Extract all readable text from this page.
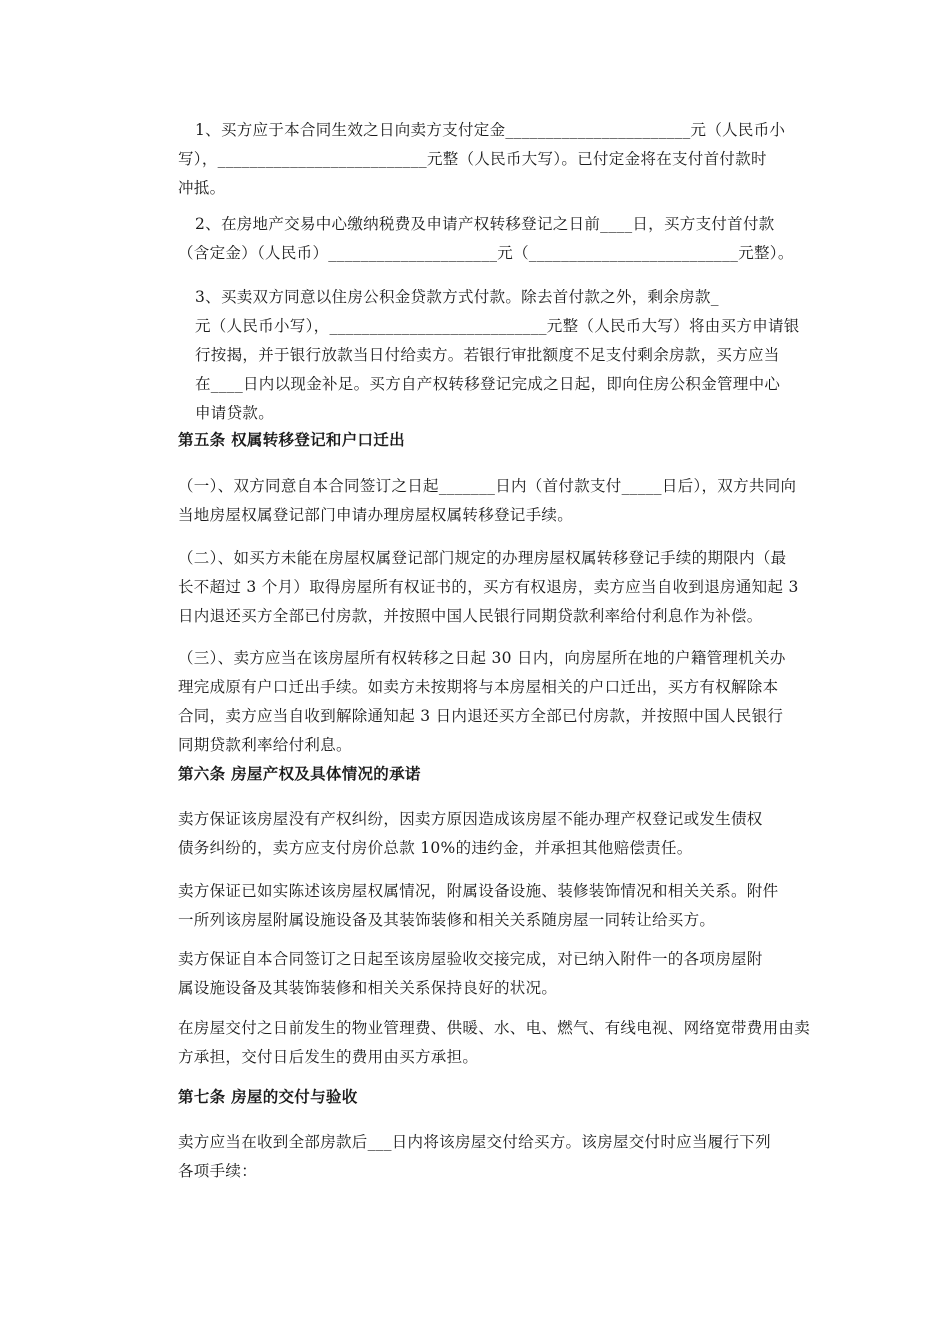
1、买方应于本合同生效之日向卖方支付定金_______________________元（人民币小
写），__________________________元整（人民币大写）。已付定金将在支付首付款时
冲抵。
2、在房地产交易中心缴纳税费及申请产权转移登记之日前____日，买方支付首付款
（含定金）（人民币）_____________________元（__________________________元整）。
3、买卖双方同意以住房公积金贷款方式付款。除去首付款之外，剩余房款_
元（人民币小写），___________________________元整（人民币大写）将由买方申请银
行按揭，并于银行放款当日付给卖方。若银行审批额度不足支付剩余房款，买方应当
在____日内以现金补足。买方自产权转移登记完成之日起，即向住房公积金管理中心
申请贷款。
第五条 权属转移登记和户口迁出
（一）、双方同意自本合同签订之日起_______日内（首付款支付_____日后），双方共同向
当地房屋权属登记部门申请办理房屋权属转移登记手续。
（二）、如买方未能在房屋权属登记部门规定的办理房屋权属转移登记手续的期限内（最
长不超过 3 个月）取得房屋所有权证书的，买方有权退房，卖方应当自收到退房通知起 3
日内退还买方全部已付房款，并按照中国人民银行同期贷款利率给付利息作为补偿。
（三）、卖方应当在该房屋所有权转移之日起 30 日内，向房屋所在地的户籍管理机关办
理完成原有户口迁出手续。如卖方未按期将与本房屋相关的户口迁出，买方有权解除本
合同，卖方应当自收到解除通知起 3 日内退还买方全部已付房款，并按照中国人民银行
同期贷款利率给付利息。
第六条 房屋产权及具体情况的承诺
卖方保证该房屋没有产权纠纷，因卖方原因造成该房屋不能办理产权登记或发生债权
债务纠纷的，卖方应支付房价总款 10%的违约金，并承担其他赔偿责任。
卖方保证已如实陈述该房屋权属情况，附属设备设施、装修装饰情况和相关关系。附件
一所列该房屋附属设施设备及其装饰装修和相关关系随房屋一同转让给买方。
卖方保证自本合同签订之日起至该房屋验收交接完成，对已纳入附件一的各项房屋附
属设施设备及其装饰装修和相关关系保持良好的状况。
在房屋交付之日前发生的物业管理费、供暖、水、电、燃气、有线电视、网络宽带费用由卖
方承担，交付日后发生的费用由买方承担。
第七条 房屋的交付与验收
卖方应当在收到全部房款后___日内将该房屋交付给买方。该房屋交付时应当履行下列
各项手续：
